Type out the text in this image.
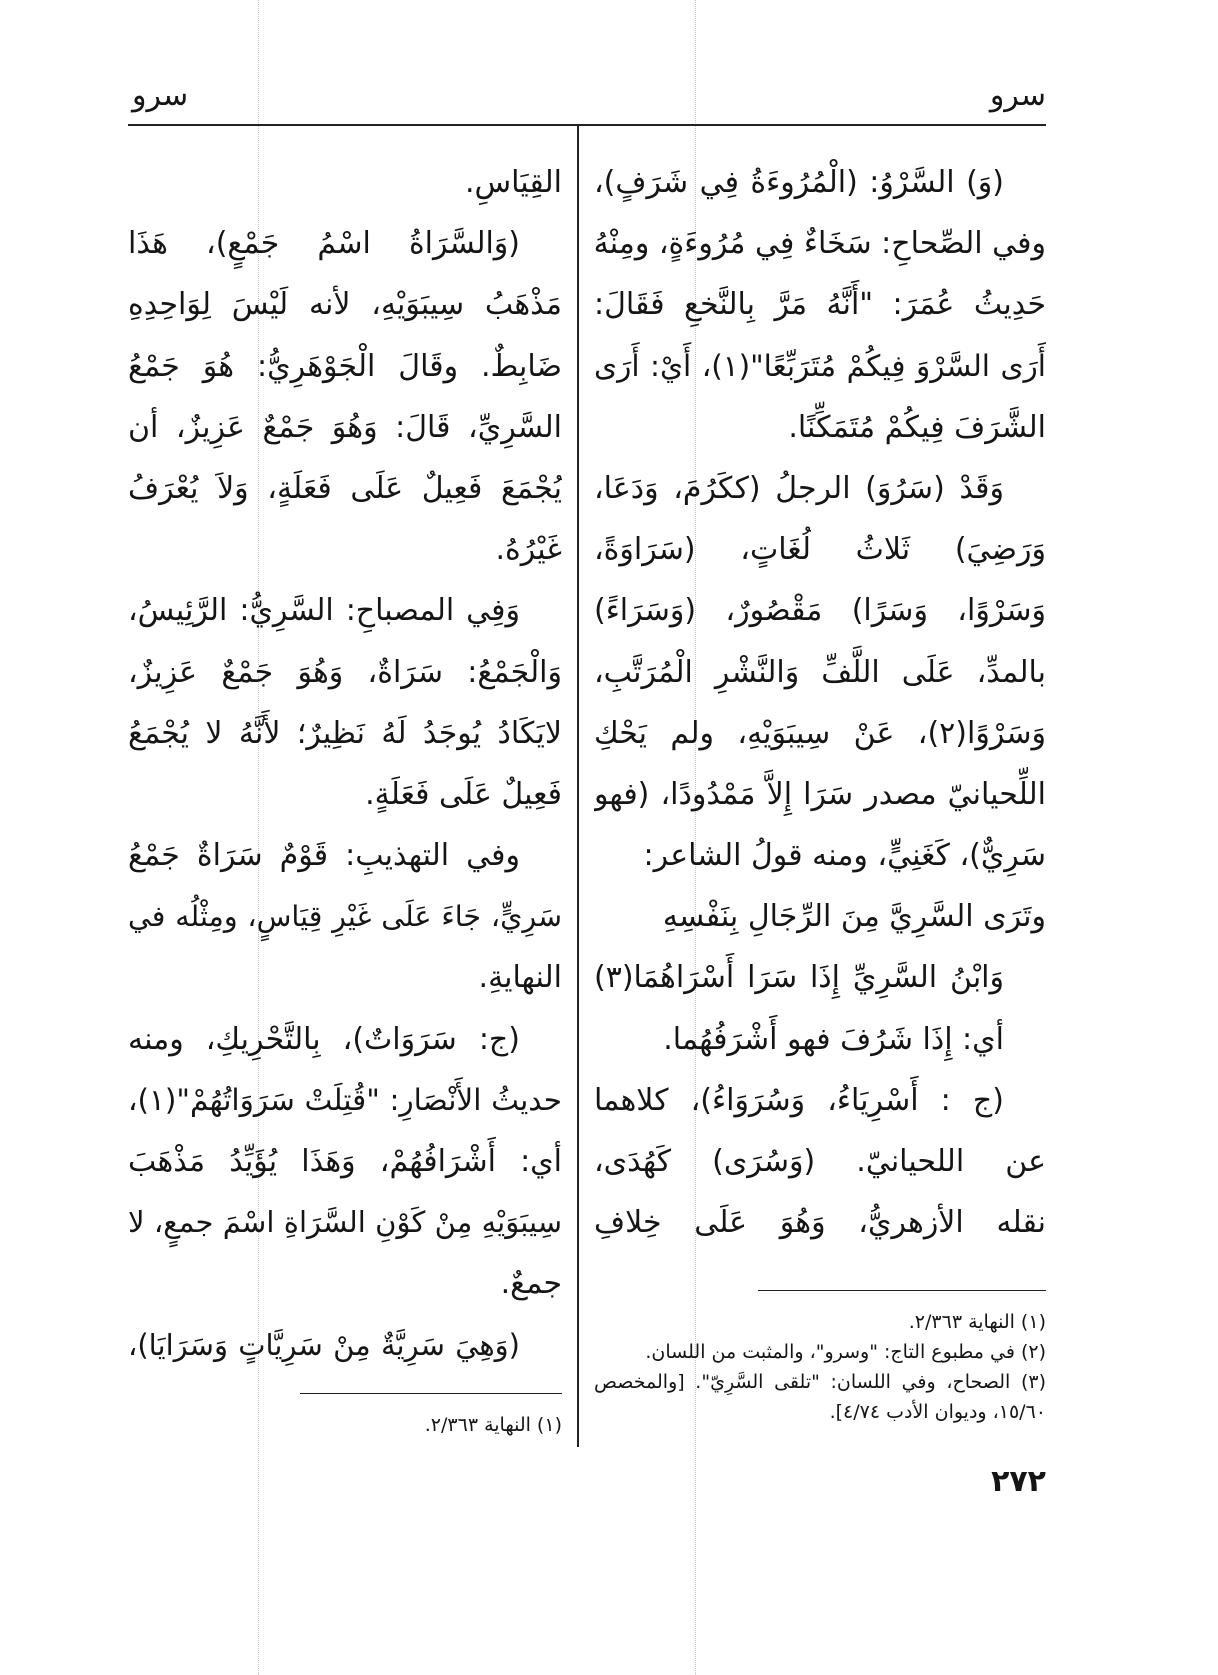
سرو
سرو
(وَ) السَّرْوُ: (الْمُرُوءَةُ فِي شَرَفٍ)،
وفي الصِّحاحِ: سَخَاءٌ فِي مُرُوءَةٍ، ومِنْهُ
حَدِيثُ عُمَرَ: "أَنَّهُ مَرَّ بِالنَّخعِ فَقَالَ:
أَرَى السَّرْوَ فِيكُمْ مُتَرَبِّعًا"(١)، أَيْ: أَرَى
الشَّرَفَ فِيكُمْ مُتَمَكِّنًا.
وَقَدْ (سَرُوَ) الرجلُ (ككَرُمَ، وَدَعَا،
وَرَضِيَ) ثَلاثُ لُغَاتٍ، (سَرَاوَةً،
وَسَرْوًا، وَسَرًا) مَقْصُورٌ، (وَسَرَاءً)
بالمدِّ، عَلَى اللَّفِّ وَالنَّشْرِ الْمُرَتَّبِ،
وَسَرْوًا(٢)، عَنْ سِيبَوَيْهِ، ولم يَحْكِ
اللِّحيانيّ مصدر سَرَا إِلاَّ مَمْدُودًا، (فهو
سَرِيٌّ)، كَغَنِيٍّ، ومنه قولُ الشاعر:
وتَرَى السَّرِيَّ مِنَ الرِّجَالِ بِنَفْسِهِ
وَابْنُ السَّرِيِّ إِذَا سَرَا أَسْرَاهُمَا(٣)
أي: إِذَا شَرُفَ فهو أَشْرَفُهُما.
(ج : أَسْرِيَاءُ، وَسُرَوَاءُ)، كلاهما
عن اللحيانيّ. (وَسُرَى) كَهُدَى،
نقله الأزهريُّ، وَهُوَ عَلَى خِلافِ
(١) النهاية ٢/٣٦٣.
(٢) في مطبوع التاج: "وسرو"، والمثبت من اللسان.
(٣) الصحاح، وفي اللسان: "تلقى السَّرِيّ". [والمخصص
١٥/٦٠، وديوان الأدب ٤/٧٤].
القِيَاسِ.
(وَالسَّرَاةُ اسْمُ جَمْعٍ)، هَذَا
مَذْهَبُ سِيبَوَيْهِ، لأنه لَيْسَ لِوَاحِدِهِ
ضَابِطٌ. وقَالَ الْجَوْهَرِيُّ: هُوَ جَمْعُ
السَّرِيِّ، قَالَ: وَهُوَ جَمْعٌ عَزِيزٌ، أن
يُجْمَعَ فَعِيلٌ عَلَى فَعَلَةٍ، وَلاَ يُعْرَفُ
غَيْرُهُ.
وَفِي المصباحِ: السَّرِيُّ: الرَّئِيسُ،
وَالْجَمْعُ: سَرَاةٌ، وَهُوَ جَمْعٌ عَزِيزٌ،
لايَكَادُ يُوجَدُ لَهُ نَظِيرٌ؛ لأَنَّهُ لا يُجْمَعُ
فَعِيلٌ عَلَى فَعَلَةٍ.
وفي التهذيبِ: قَوْمٌ سَرَاةٌ جَمْعُ
سَرِيٍّ، جَاءَ عَلَى غَيْرِ قِيَاسٍ، ومِثْلُه في
النهايةِ.
(ج: سَرَوَاتٌ)، بِالتَّحْرِيكِ، ومنه
حديثُ الأَنْصَارِ: "قُتِلَتْ سَرَوَاتُهُمْ"(١)،
أي: أَشْرَافُهُمْ، وَهَذَا يُؤَيِّدُ مَذْهَبَ
سِيبَوَيْهِ مِنْ كَوْنِ السَّرَاةِ اسْمَ جمعٍ، لا
جمعٌ.
(وَهِيَ سَرِيَّةٌ مِنْ سَرِيَّاتٍ وَسَرَايَا)،
(١) النهاية ٢/٣٦٣.
٢٧٢
